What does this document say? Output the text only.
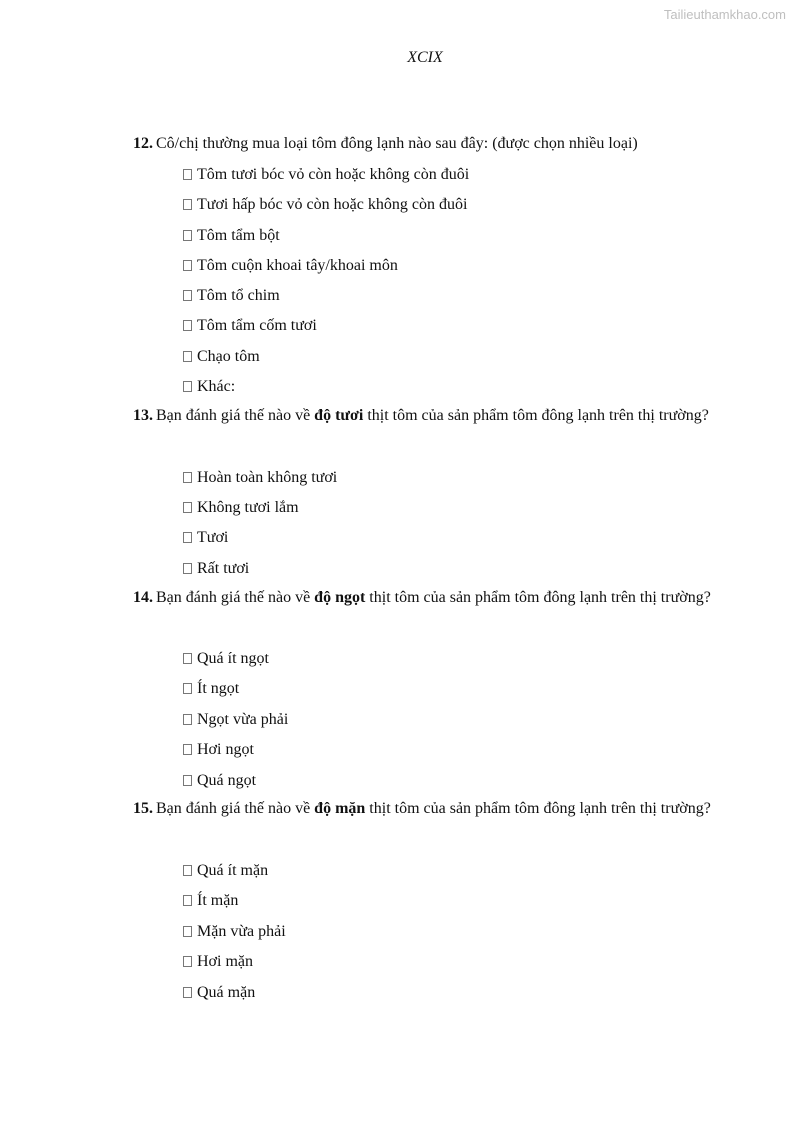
Tailieuthamkhao.com
XCIX
12. Cô/chị thường mua loại tôm đông lạnh nào sau đây: (được chọn nhiều loại)
Tôm tươi bóc vỏ còn hoặc không còn đuôi
Tươi hấp bóc vỏ còn hoặc không còn đuôi
Tôm tẩm bột
Tôm cuộn khoai tây/khoai môn
Tôm tổ chim
Tôm tẩm cốm tươi
Chạo tôm
Khác:
13. Bạn đánh giá thế nào về độ tươi thịt tôm của sản phẩm tôm đông lạnh trên thị trường?
Hoàn toàn không tươi
Không tươi lắm
Tươi
Rất tươi
14. Bạn đánh giá thế nào về độ ngọt thịt tôm của sản phẩm tôm đông lạnh trên thị trường?
Quá ít ngọt
Ít ngọt
Ngọt vừa phải
Hơi ngọt
Quá ngọt
15. Bạn đánh giá thế nào về độ mặn thịt tôm của sản phẩm tôm đông lạnh trên thị trường?
Quá ít mặn
Ít mặn
Mặn vừa phải
Hơi mặn
Quá mặn
